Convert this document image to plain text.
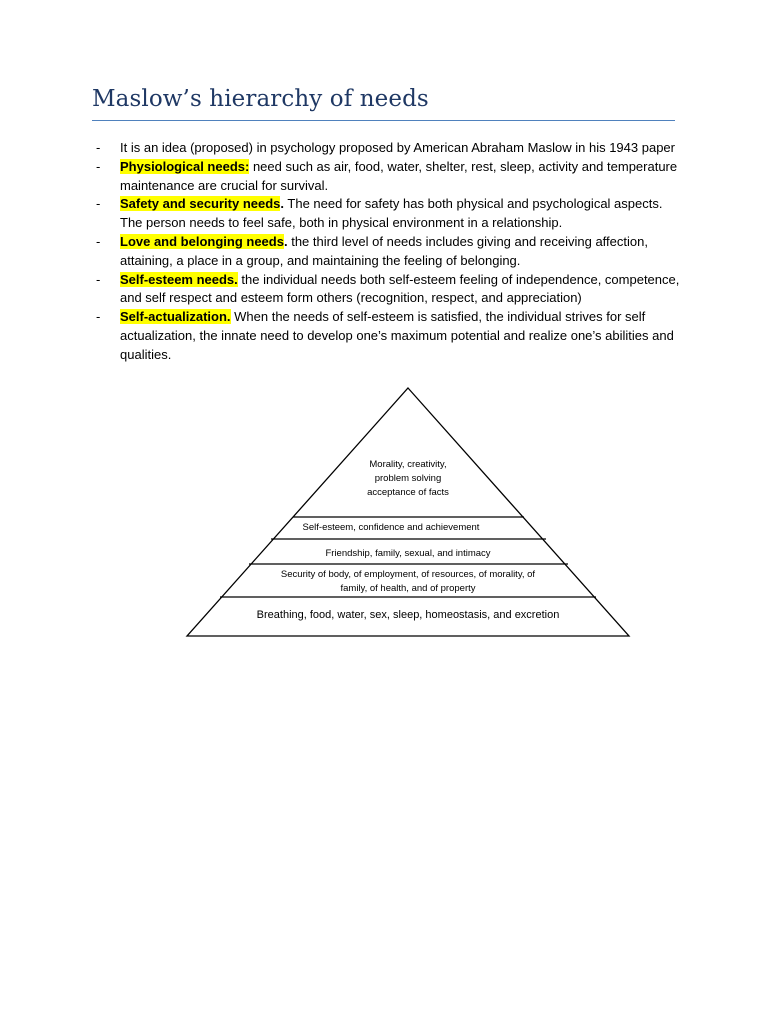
Maslow’s hierarchy of needs
- It is an idea (proposed) in psychology proposed by American Abraham Maslow in his 1943 paper
- Physiological needs: need such as air, food, water, shelter, rest, sleep, activity and temperature maintenance are crucial for survival.
- Safety and security needs. The need for safety has both physical and psychological aspects. The person needs to feel safe, both in physical environment in a relationship.
- Love and belonging needs. the third level of needs includes giving and receiving affection, attaining, a place in a group, and maintaining the feeling of belonging.
- Self-esteem needs. the individual needs both self-esteem feeling of independence, competence, and self respect and esteem form others (recognition, respect, and appreciation)
- Self-actualization. When the needs of self-esteem is satisfied, the individual strives for self actualization, the innate need to develop one’s maximum potential and realize one’s abilities and qualities.
Morality, creativity,
problem solving
acceptance of facts
Self-esteem, confidence and achievement
Friendship, family, sexual, and intimacy
Security of body, of employment, of resources, of morality, of
family, of health, and of property
Breathing, food, water, sex, sleep, homeostasis, and excretion
